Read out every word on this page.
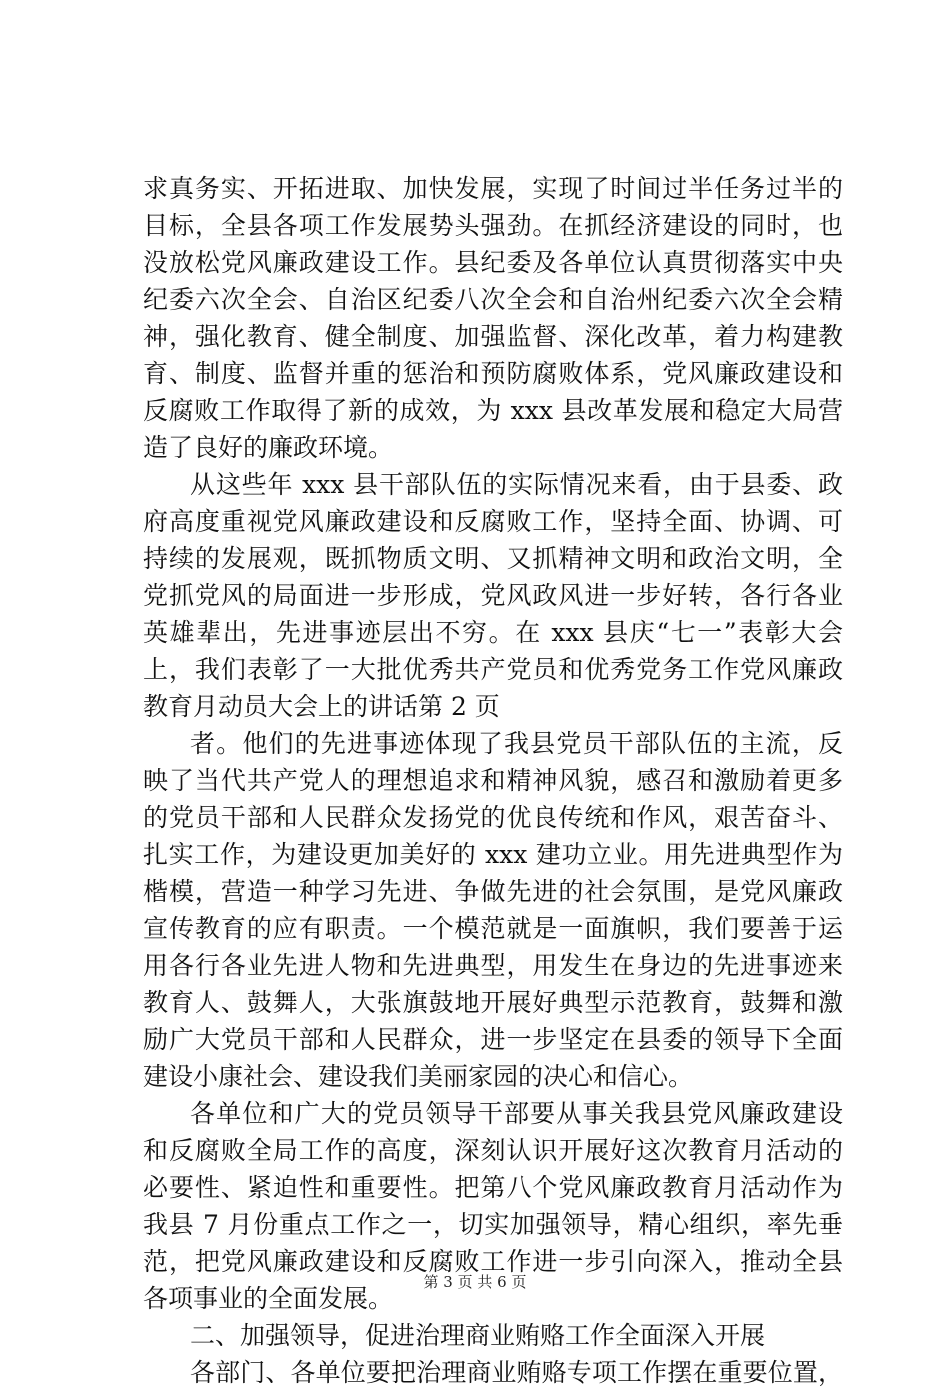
求真务实、开拓进取、加快发展，实现了时间过半任务过半的
目标，全县各项工作发展势头强劲。在抓经济建设的同时，也
没放松党风廉政建设工作。县纪委及各单位认真贯彻落实中央
纪委六次全会、自治区纪委八次全会和自治州纪委六次全会精
神，强化教育、健全制度、加强监督、深化改革，着力构建教
育、制度、监督并重的惩治和预防腐败体系，党风廉政建设和
反腐败工作取得了新的成效，为 xxx 县改革发展和稳定大局营
造了良好的廉政环境。
从这些年 xxx 县干部队伍的实际情况来看，由于县委、政
府高度重视党风廉政建设和反腐败工作，坚持全面、协调、可
持续的发展观，既抓物质文明、又抓精神文明和政治文明，全
党抓党风的局面进一步形成，党风政风进一步好转，各行各业
英雄辈出，先进事迹层出不穷。在 xxx 县庆“七一”表彰大会
上，我们表彰了一大批优秀共产党员和优秀党务工作党风廉政
教育月动员大会上的讲话第 2 页
者。他们的先进事迹体现了我县党员干部队伍的主流，反
映了当代共产党人的理想追求和精神风貌，感召和激励着更多
的党员干部和人民群众发扬党的优良传统和作风，艰苦奋斗、
扎实工作，为建设更加美好的 xxx 建功立业。用先进典型作为
楷模，营造一种学习先进、争做先进的社会氛围，是党风廉政
宣传教育的应有职责。一个模范就是一面旗帜，我们要善于运
用各行各业先进人物和先进典型，用发生在身边的先进事迹来
教育人、鼓舞人，大张旗鼓地开展好典型示范教育，鼓舞和激
励广大党员干部和人民群众，进一步坚定在县委的领导下全面
建设小康社会、建设我们美丽家园的决心和信心。
各单位和广大的党员领导干部要从事关我县党风廉政建设
和反腐败全局工作的高度，深刻认识开展好这次教育月活动的
必要性、紧迫性和重要性。把第八个党风廉政教育月活动作为
我县 7 月份重点工作之一，切实加强领导，精心组织，率先垂
范，把党风廉政建设和反腐败工作进一步引向深入，推动全县
各项事业的全面发展。
二、加强领导，促进治理商业贿赂工作全面深入开展
各部门、各单位要把治理商业贿赂专项工作摆在重要位置，
第 3 页 共 6 页
